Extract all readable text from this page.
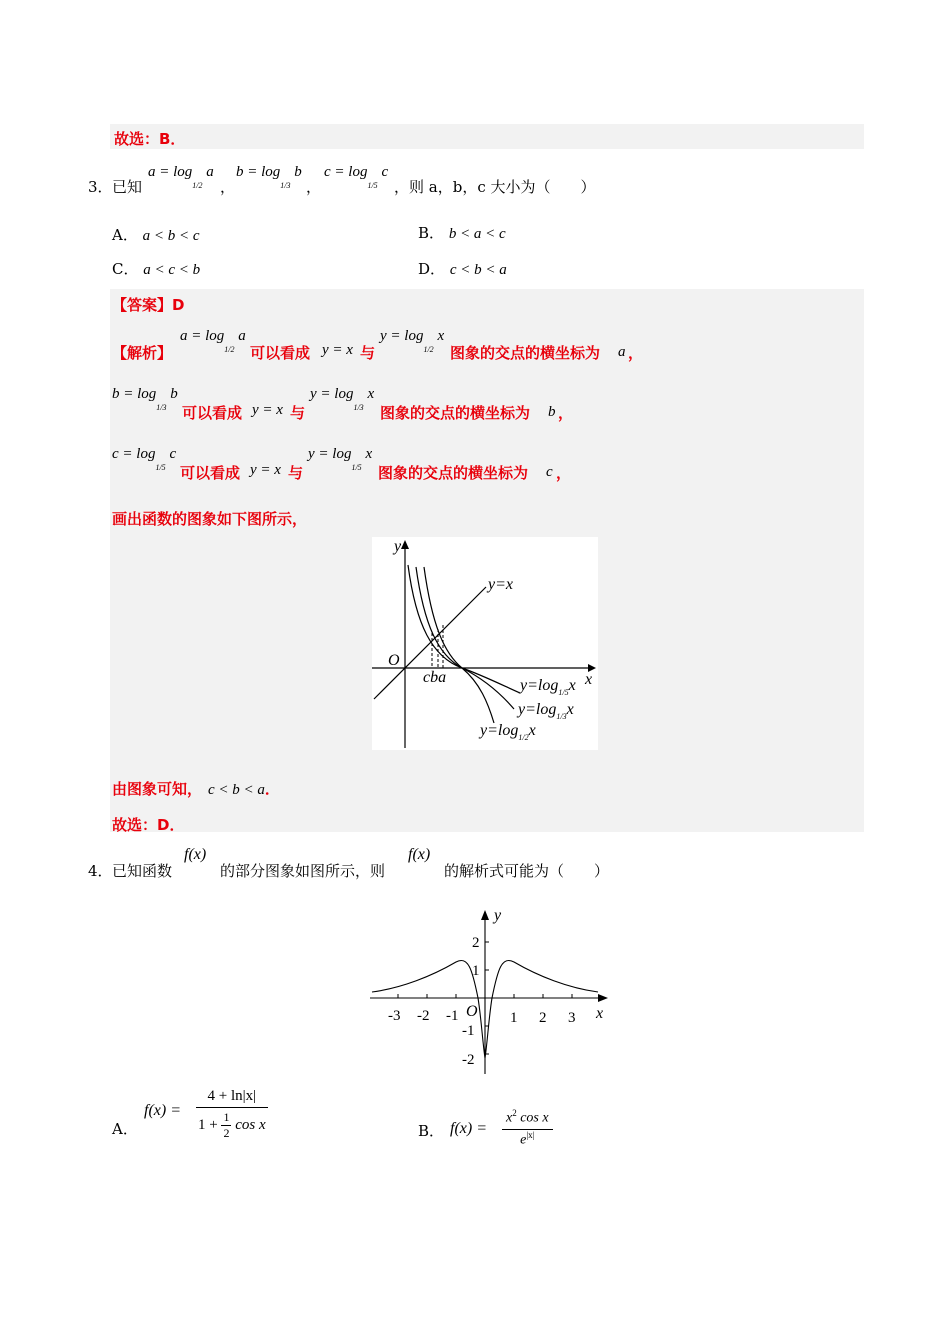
故选：B．
3． 已知
$a = \log_{1/2} a$
，
$b = \log_{1/3} b$
，
$c = \log_{1/5} c$
，则 a，b，c 大小为（　　）
A． a < b < c	B． b < a < c
C． a < c < b	D． c < b < a
【答案】D
【解析】
$a = \log_{1/2} a$
可以看成 y = x 与
$y = \log_{1/2} x$
图象的交点的横坐标为 a ，
$b = \log_{1/3} b$
可以看成 y = x 与
$y = \log_{1/3} x$
图象的交点的横坐标为 b ，
$c = \log_{1/5} c$
可以看成 y = x 与
$y = \log_{1/5} x$
图象的交点的横坐标为 c ，
画出函数的图象如下图所示，
y
x
O
y=x
cba	$y=\log_{1/5}x$
$y=\log_{1/3}x$
$y=\log_{1/2}x$
由图象可知， c < b < a．
故选：D．
4． 已知函数
f(x)
的部分图象如图所示，则
f(x)
的解析式可能为（　　）
y
x
O
-3 -2 -1	1 2 3
2
1
-1
-2
A．
$f(x) = \frac{4 + \ln|x|}{1 + \frac{1}{2} \cos x}$	B． $f(x) = \frac{x^2 \cos x}{e^{|x|}}$
